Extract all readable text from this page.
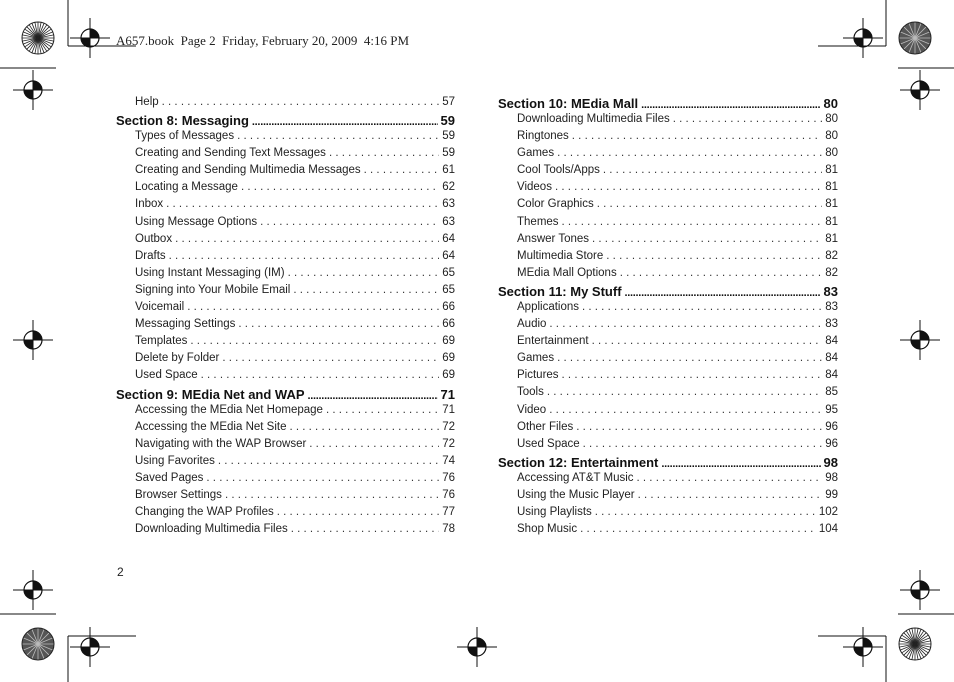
A657.book  Page 2  Friday, February 20, 2009  4:16 PM
Help . . .	57
Section 8: Messaging .....	59
Types of Messages . . .	59
Creating and Sending Text Messages . . .	59
Creating and Sending Multimedia Messages . . .	61
Locating a Message . . .	62
Inbox . . .	63
Using Message Options . . .	63
Outbox . . .	64
Drafts . . .	64
Using Instant Messaging (IM) . . .	65
Signing into Your Mobile Email . . .	65
Voicemail . . .	66
Messaging Settings . . .	66
Templates . . .	69
Delete by Folder . . .	69
Used Space . . .	69
Section 9: MEdia Net and WAP .....	71
Accessing the MEdia Net Homepage . . .	71
Accessing the MEdia Net Site . . .	72
Navigating with the WAP Browser . . .	72
Using Favorites . . .	74
Saved Pages . . .	76
Browser Settings . . .	76
Changing the WAP Profiles . . .	77
Downloading Multimedia Files . . .	78
Section 10: MEdia Mall .....	80
Downloading Multimedia Files . . .	80
Ringtones . . .	80
Games . . .	80
Cool Tools/Apps . . .	81
Videos . . .	81
Color Graphics . . .	81
Themes . . .	81
Answer Tones . . .	81
Multimedia Store . . .	82
MEdia Mall Options . . .	82
Section 11: My Stuff .....	83
Applications . . .	83
Audio . . .	83
Entertainment . . .	84
Games . . .	84
Pictures . . .	84
Tools . . .	85
Video . . .	95
Other Files . . .	96
Used Space . . .	96
Section 12: Entertainment .....	98
Accessing AT&T Music . . .	98
Using the Music Player . . .	99
Using Playlists . . .	102
Shop Music . . .	104
2
